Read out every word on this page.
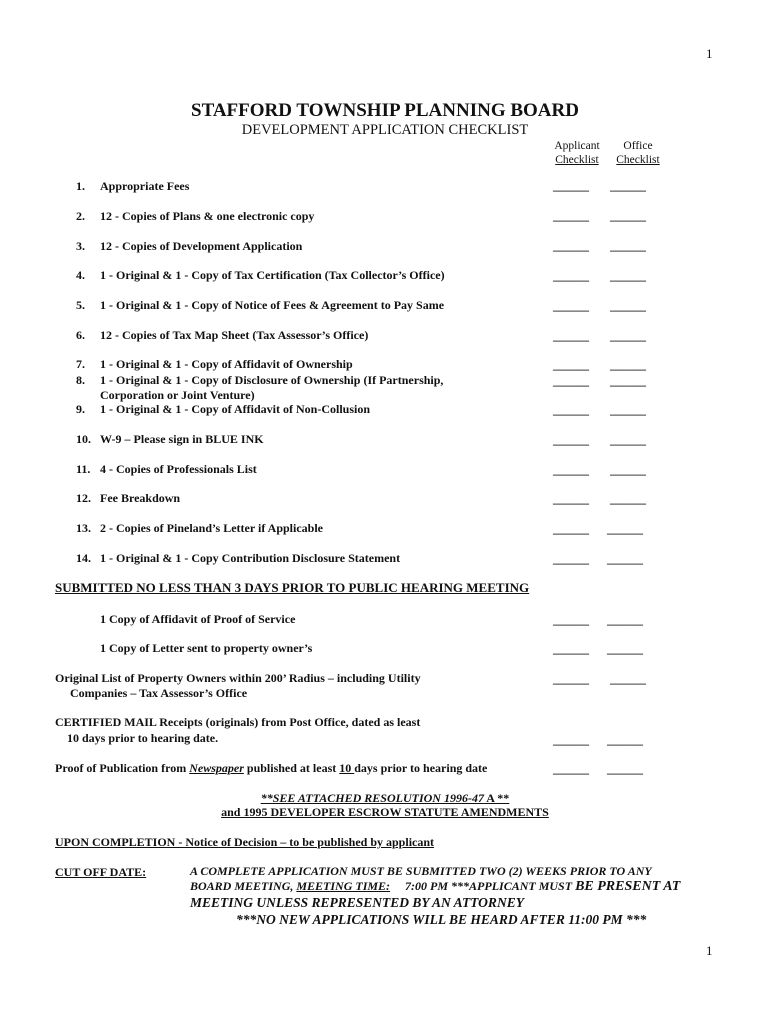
1
STAFFORD TOWNSHIP PLANNING BOARD
DEVELOPMENT APPLICATION CHECKLIST
Applicant
Checklist
Office
Checklist
1. Appropriate Fees	______ ______
2. 12 - Copies of Plans & one electronic copy	______ ______
3. 12 - Copies of Development Application	______ ______
4. 1 - Original & 1 - Copy of Tax Certification (Tax Collector’s Office)	______ ______
5. 1 - Original & 1 - Copy of Notice of Fees & Agreement to Pay Same	______ ______
6. 12 - Copies of Tax Map Sheet (Tax Assessor’s Office)	______ ______
7. 1 - Original & 1 - Copy of Affidavit of Ownership	______ ______
8. 1 - Original & 1 - Copy of Disclosure of Ownership (If Partnership,
Corporation or Joint Venture)
______ ______
9. 1 - Original & 1 - Copy of Affidavit of Non-Collusion	______ ______
10. W-9 – Please sign in BLUE INK	______ ______
11. 4 - Copies of Professionals List	______ ______
12. Fee Breakdown	______ ______
13. 2 - Copies of Pineland’s Letter if Applicable	______ ______
14. 1 - Original & 1 - Copy Contribution Disclosure Statement	______ ______
SUBMITTED NO LESS THAN 3 DAYS PRIOR TO PUBLIC HEARING MEETING
1 Copy of Affidavit of Proof of Service	______ ______
1 Copy of Letter sent to property owner’s	______ ______
Original List of Property Owners within 200’ Radius – including Utility
Companies – Tax Assessor’s Office
______ ______
CERTIFIED MAIL Receipts (originals) from Post Office, dated as least
10 days prior to hearing date.	______ ______
Proof of Publication from Newspaper published at least 10 days prior to hearing date	______ ______
**SEE ATTACHED RESOLUTION 1996-47 A **
and 1995 DEVELOPER ESCROW STATUTE AMENDMENTS
UPON COMPLETION - Notice of Decision – to be published by applicant
CUT OFF DATE:	A COMPLETE APPLICATION MUST BE SUBMITTED TWO (2) WEEKS PRIOR TO ANY
BOARD MEETING, MEETING TIME:     7:00 PM ***APPLICANT MUST BE PRESENT AT
MEETING UNLESS REPRESENTED BY AN ATTORNEY
***NO NEW APPLICATIONS WILL BE HEARD AFTER 11:00 PM ***
1
